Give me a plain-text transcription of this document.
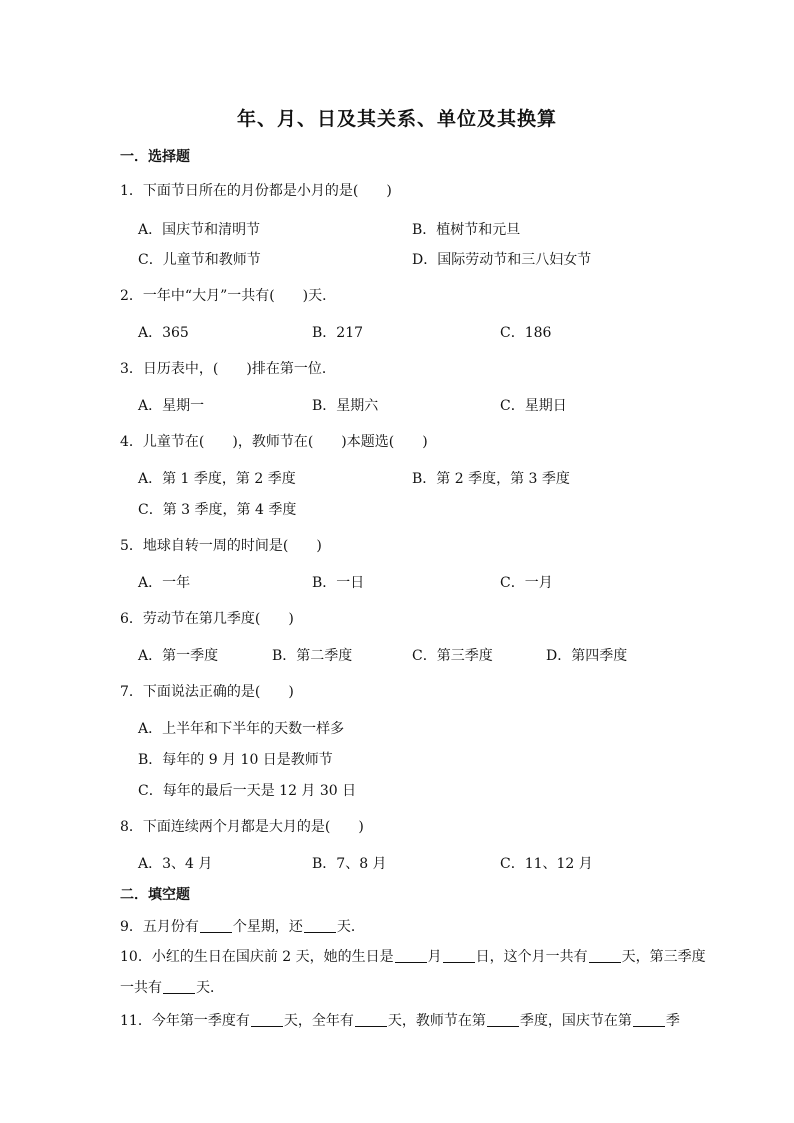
年、月、日及其关系、单位及其换算
一．选择题
1．下面节日所在的月份都是小月的是(　　)
A．国庆节和清明节	B．植树节和元旦
C．儿童节和教师节	D．国际劳动节和三八妇女节
2．一年中“大月”一共有(　　)天．
A．365	B．217	C．186
3．日历表中，(　　)排在第一位．
A．星期一	B．星期六	C．星期日
4．儿童节在(　　)，教师节在(　　)本题选(　　)
A．第 1 季度，第 2 季度	B．第 2 季度，第 3 季度
C．第 3 季度，第 4 季度
5．地球自转一周的时间是(　　)
A．一年	B．一日	C．一月
6．劳动节在第几季度(　　)
A．第一季度	B．第二季度	C．第三季度	D．第四季度
7．下面说法正确的是(　　)
A．上半年和下半年的天数一样多
B．每年的 9 月 10 日是教师节
C．每年的最后一天是 12 月 30 日
8．下面连续两个月都是大月的是(　　)
A．3、4 月	B．7、8 月	C．11、12 月
二．填空题
9．五月份有 个星期，还 天．
10．小红的生日在国庆前 2 天，她的生日是 月 日，这个月一共有 天，第三季度
一共有 天．
11．今年第一季度有 天，全年有 天，教师节在第 季度，国庆节在第 季
